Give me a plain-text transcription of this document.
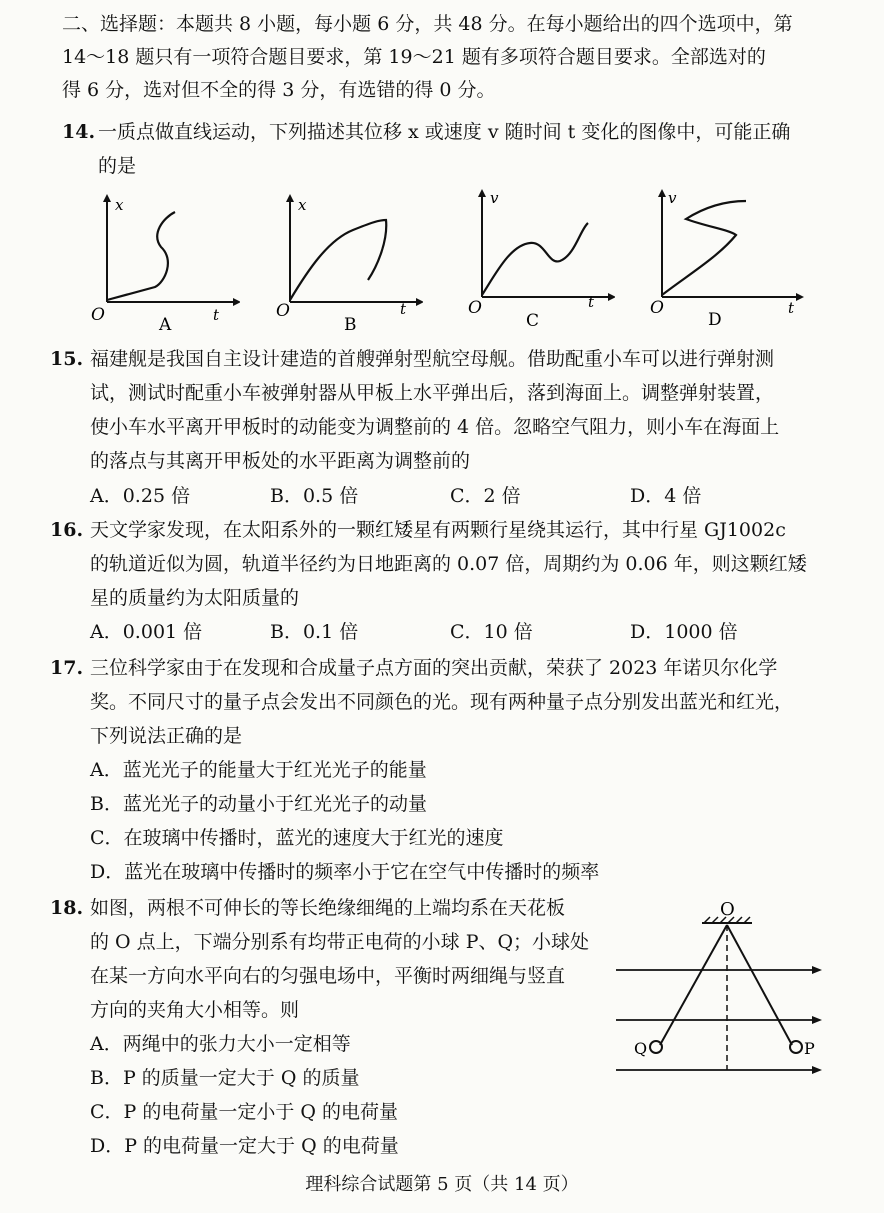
二、选择题：本题共 8 小题，每小题 6 分，共 48 分。在每小题给出的四个选项中，第
14～18 题只有一项符合题目要求，第 19～21 题有多项符合题目要求。全部选对的
得 6 分，选对但不全的得 3 分，有选错的得 0 分。
14. 一质点做直线运动，下列描述其位移 x 或速度 v 随时间 t 变化的图像中，可能正确
的是
x
t
O	A
x
t
O
B
v
t
O
C
v
t
O
D
15. 福建舰是我国自主设计建造的首艘弹射型航空母舰。借助配重小车可以进行弹射测
试，测试时配重小车被弹射器从甲板上水平弹出后，落到海面上。调整弹射装置，
使小车水平离开甲板时的动能变为调整前的 4 倍。忽略空气阻力，则小车在海面上
的落点与其离开甲板处的水平距离为调整前的
A．0.25 倍	B．0.5 倍	C．2 倍	D．4 倍
16. 天文学家发现，在太阳系外的一颗红矮星有两颗行星绕其运行，其中行星 GJ1002c
的轨道近似为圆，轨道半径约为日地距离的 0.07 倍，周期约为 0.06 年，则这颗红矮
星的质量约为太阳质量的
A．0.001 倍	B．0.1 倍	C．10 倍	D．1000 倍
17. 三位科学家由于在发现和合成量子点方面的突出贡献，荣获了 2023 年诺贝尔化学
奖。不同尺寸的量子点会发出不同颜色的光。现有两种量子点分别发出蓝光和红光，
下列说法正确的是
A．蓝光光子的能量大于红光光子的能量
B．蓝光光子的动量小于红光光子的动量
C．在玻璃中传播时，蓝光的速度大于红光的速度
D．蓝光在玻璃中传播时的频率小于它在空气中传播时的频率
18. 如图，两根不可伸长的等长绝缘细绳的上端均系在天花板
的 O 点上，下端分别系有均带正电荷的小球 P、Q；小球处
在某一方向水平向右的匀强电场中，平衡时两细绳与竖直
方向的夹角大小相等。则
A．两绳中的张力大小一定相等
B．P 的质量一定大于 Q 的质量
C．P 的电荷量一定小于 Q 的电荷量
D．P 的电荷量一定大于 Q 的电荷量
O
Q	P
理科综合试题第 5 页（共 14 页）
